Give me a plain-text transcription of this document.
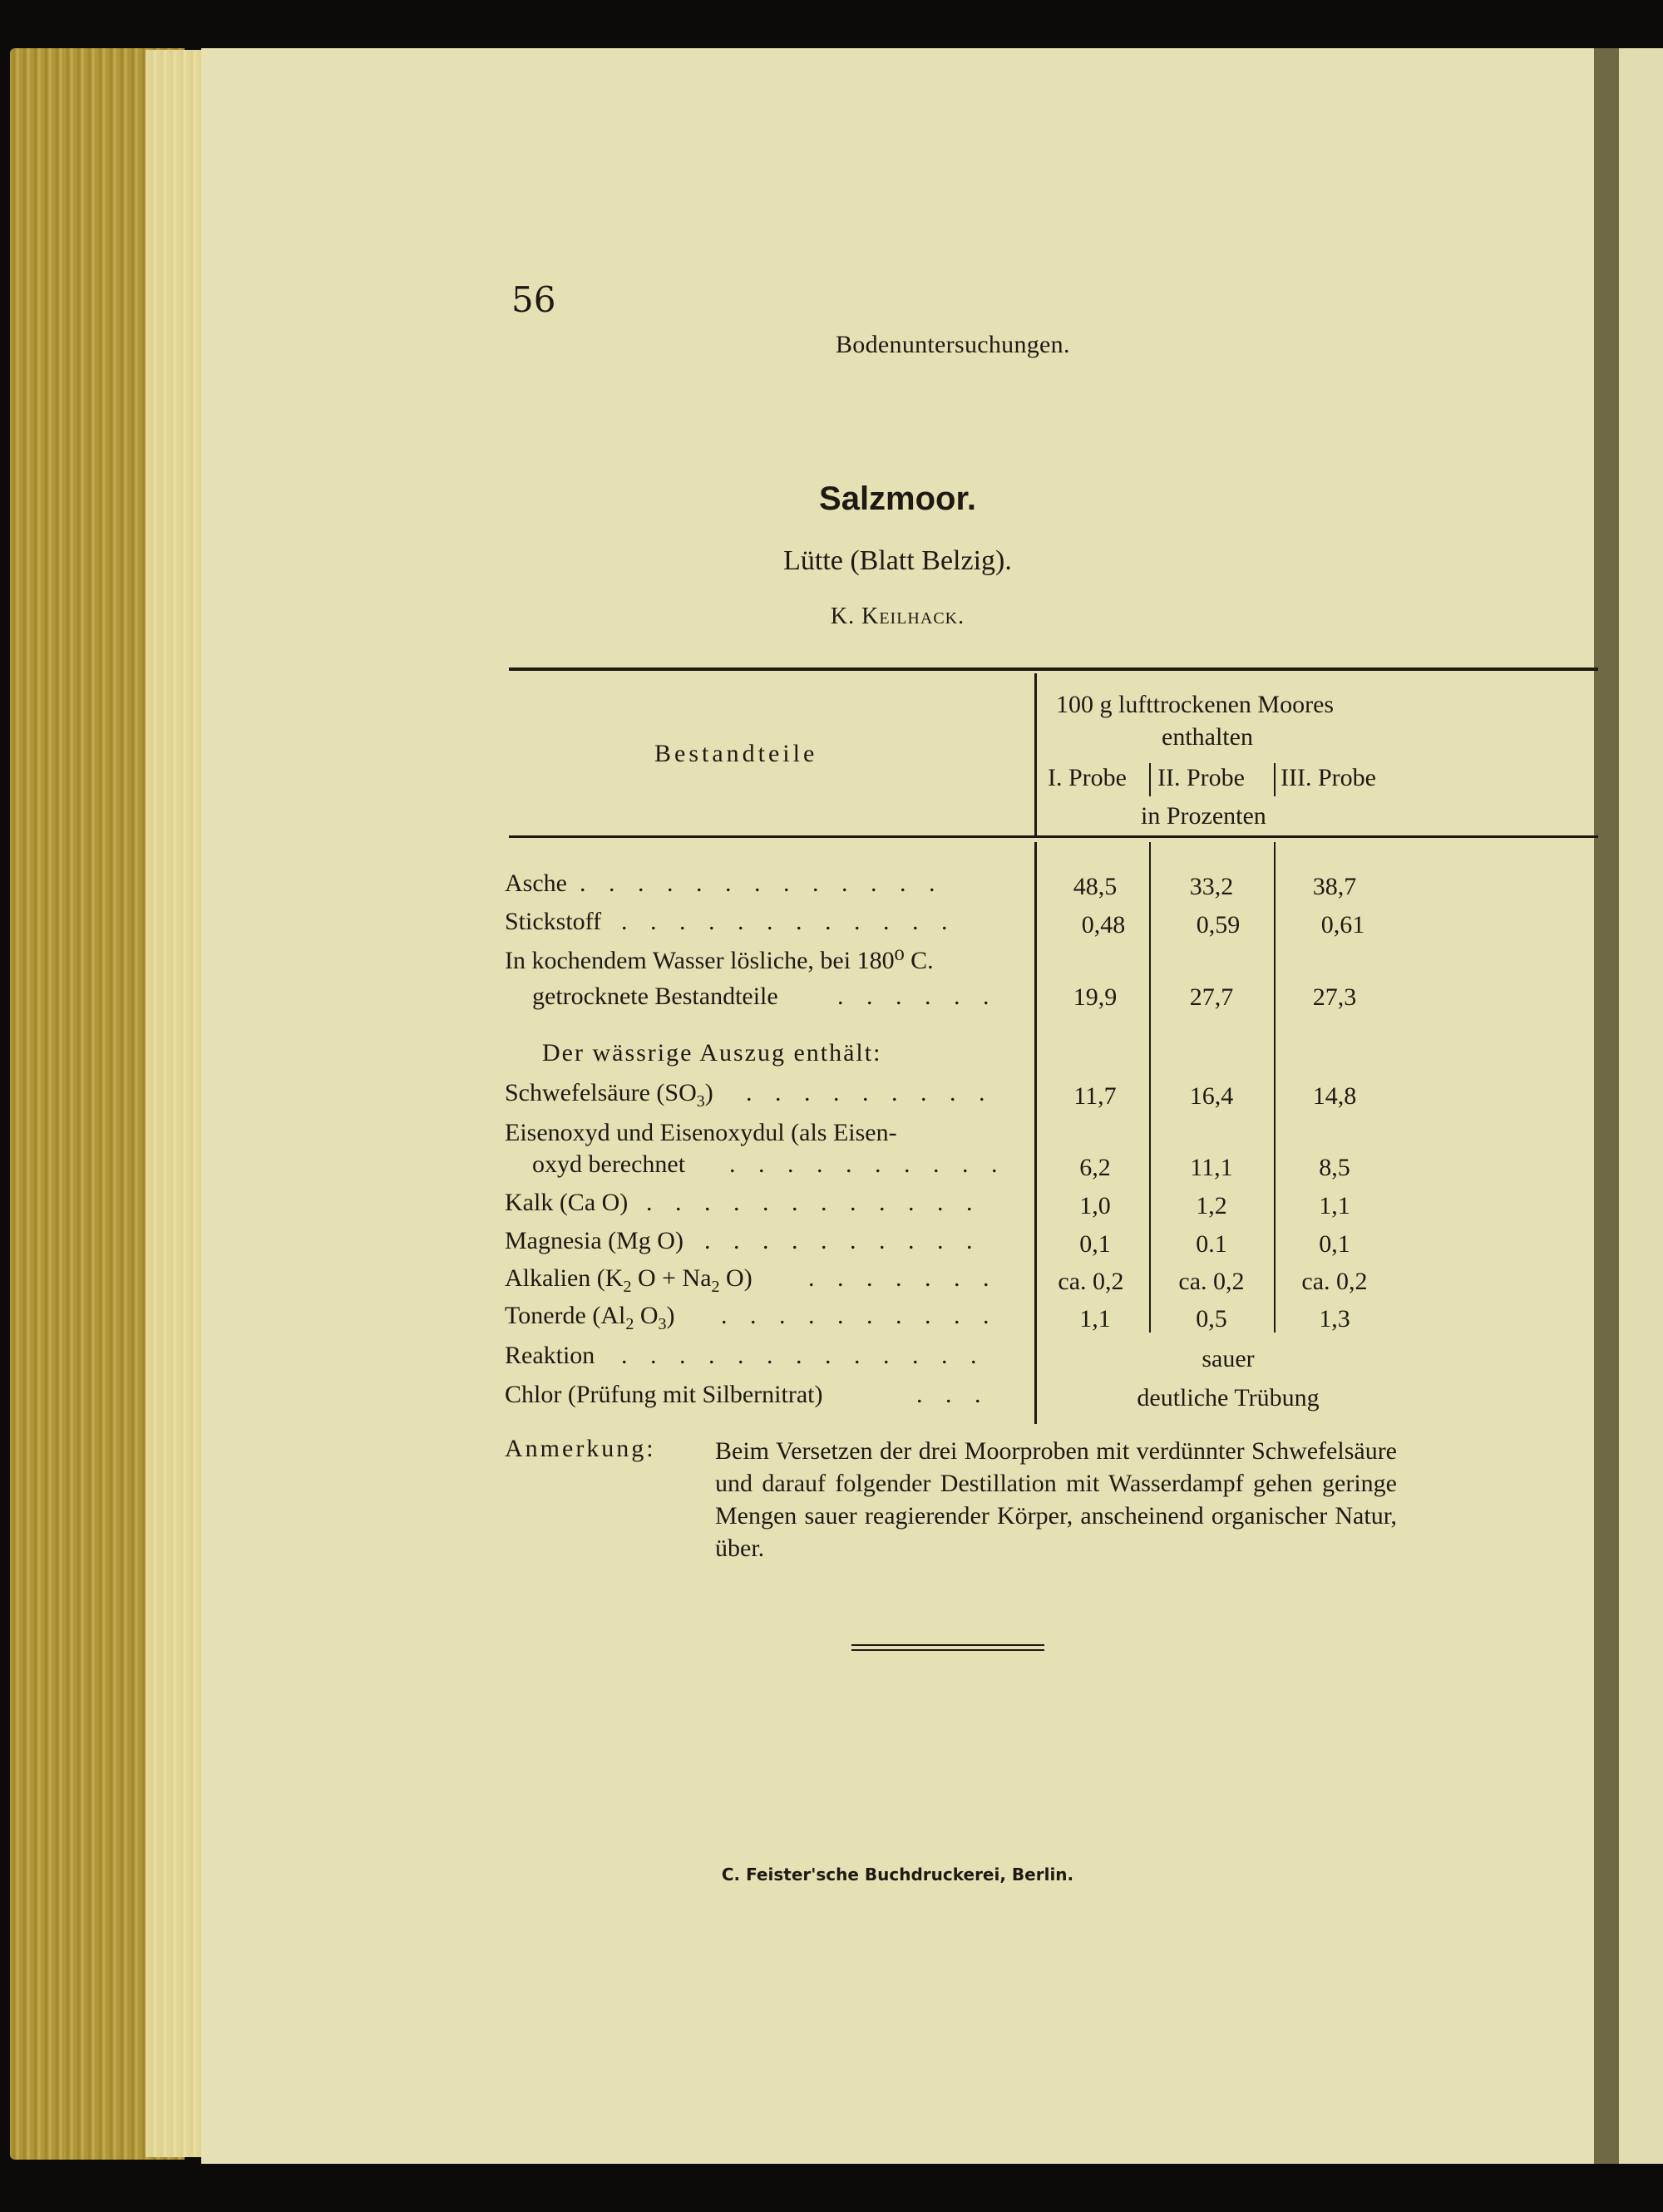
56
Bodenuntersuchungen.
Salzmoor.
Lütte (Blatt Belzig).
K. Keilhack.
Bestandteile
100 g lufttrockenen Moores
enthalten
I. Probe II. Probe III. Probe
in Prozenten
Asche . . . . . . . . . . . . .	48,5	33,2	38,7
Stickstoff . . . . . . . . . . . .	0,48	0,59	0,61
In kochendem Wasser lösliche, bei 180⁰ C.
getrocknete Bestandteile . . . . . .	19,9	27,7	27,3
Der wässrige Auszug enthält:
Schwefelsäure $(SO_3)$ . . . . . . . . .	11,7	16,4	14,8
Eisenoxyd und Eisenoxydul (als Eisen-
oxyd berechnet . . . . . . . . . .	6,2	11,1	8,5
Kalk (Ca O) . . . . . . . . . . . .	1,0	1,2	1,1
Magnesia (Mg O) . . . . . . . . . .	0,1	0.1	0,1
Alkalien ($K_2$ $O + Na_2$ O) . . . . . . .	ca. 0,2	ca. 0,2	ca. 0,2
Tonerde ($Al_2$ $O_3$) . . . . . . . . . .	1,1	0,5	1,3
Reaktion . . . . . . . . . . . . .	sauer
Chlor (Prüfung mit Silbernitrat)	. . .	deutliche Trübung
Anmerkung: Beim Versetzen der drei Moorproben mit verdünnter Schwefelsäure und darauf folgender Destillation mit Wasserdampf gehen geringe Mengen sauer reagierender Körper, anscheinend organischer Natur, über.
C. Feister'sche Buchdruckerei, Berlin.
